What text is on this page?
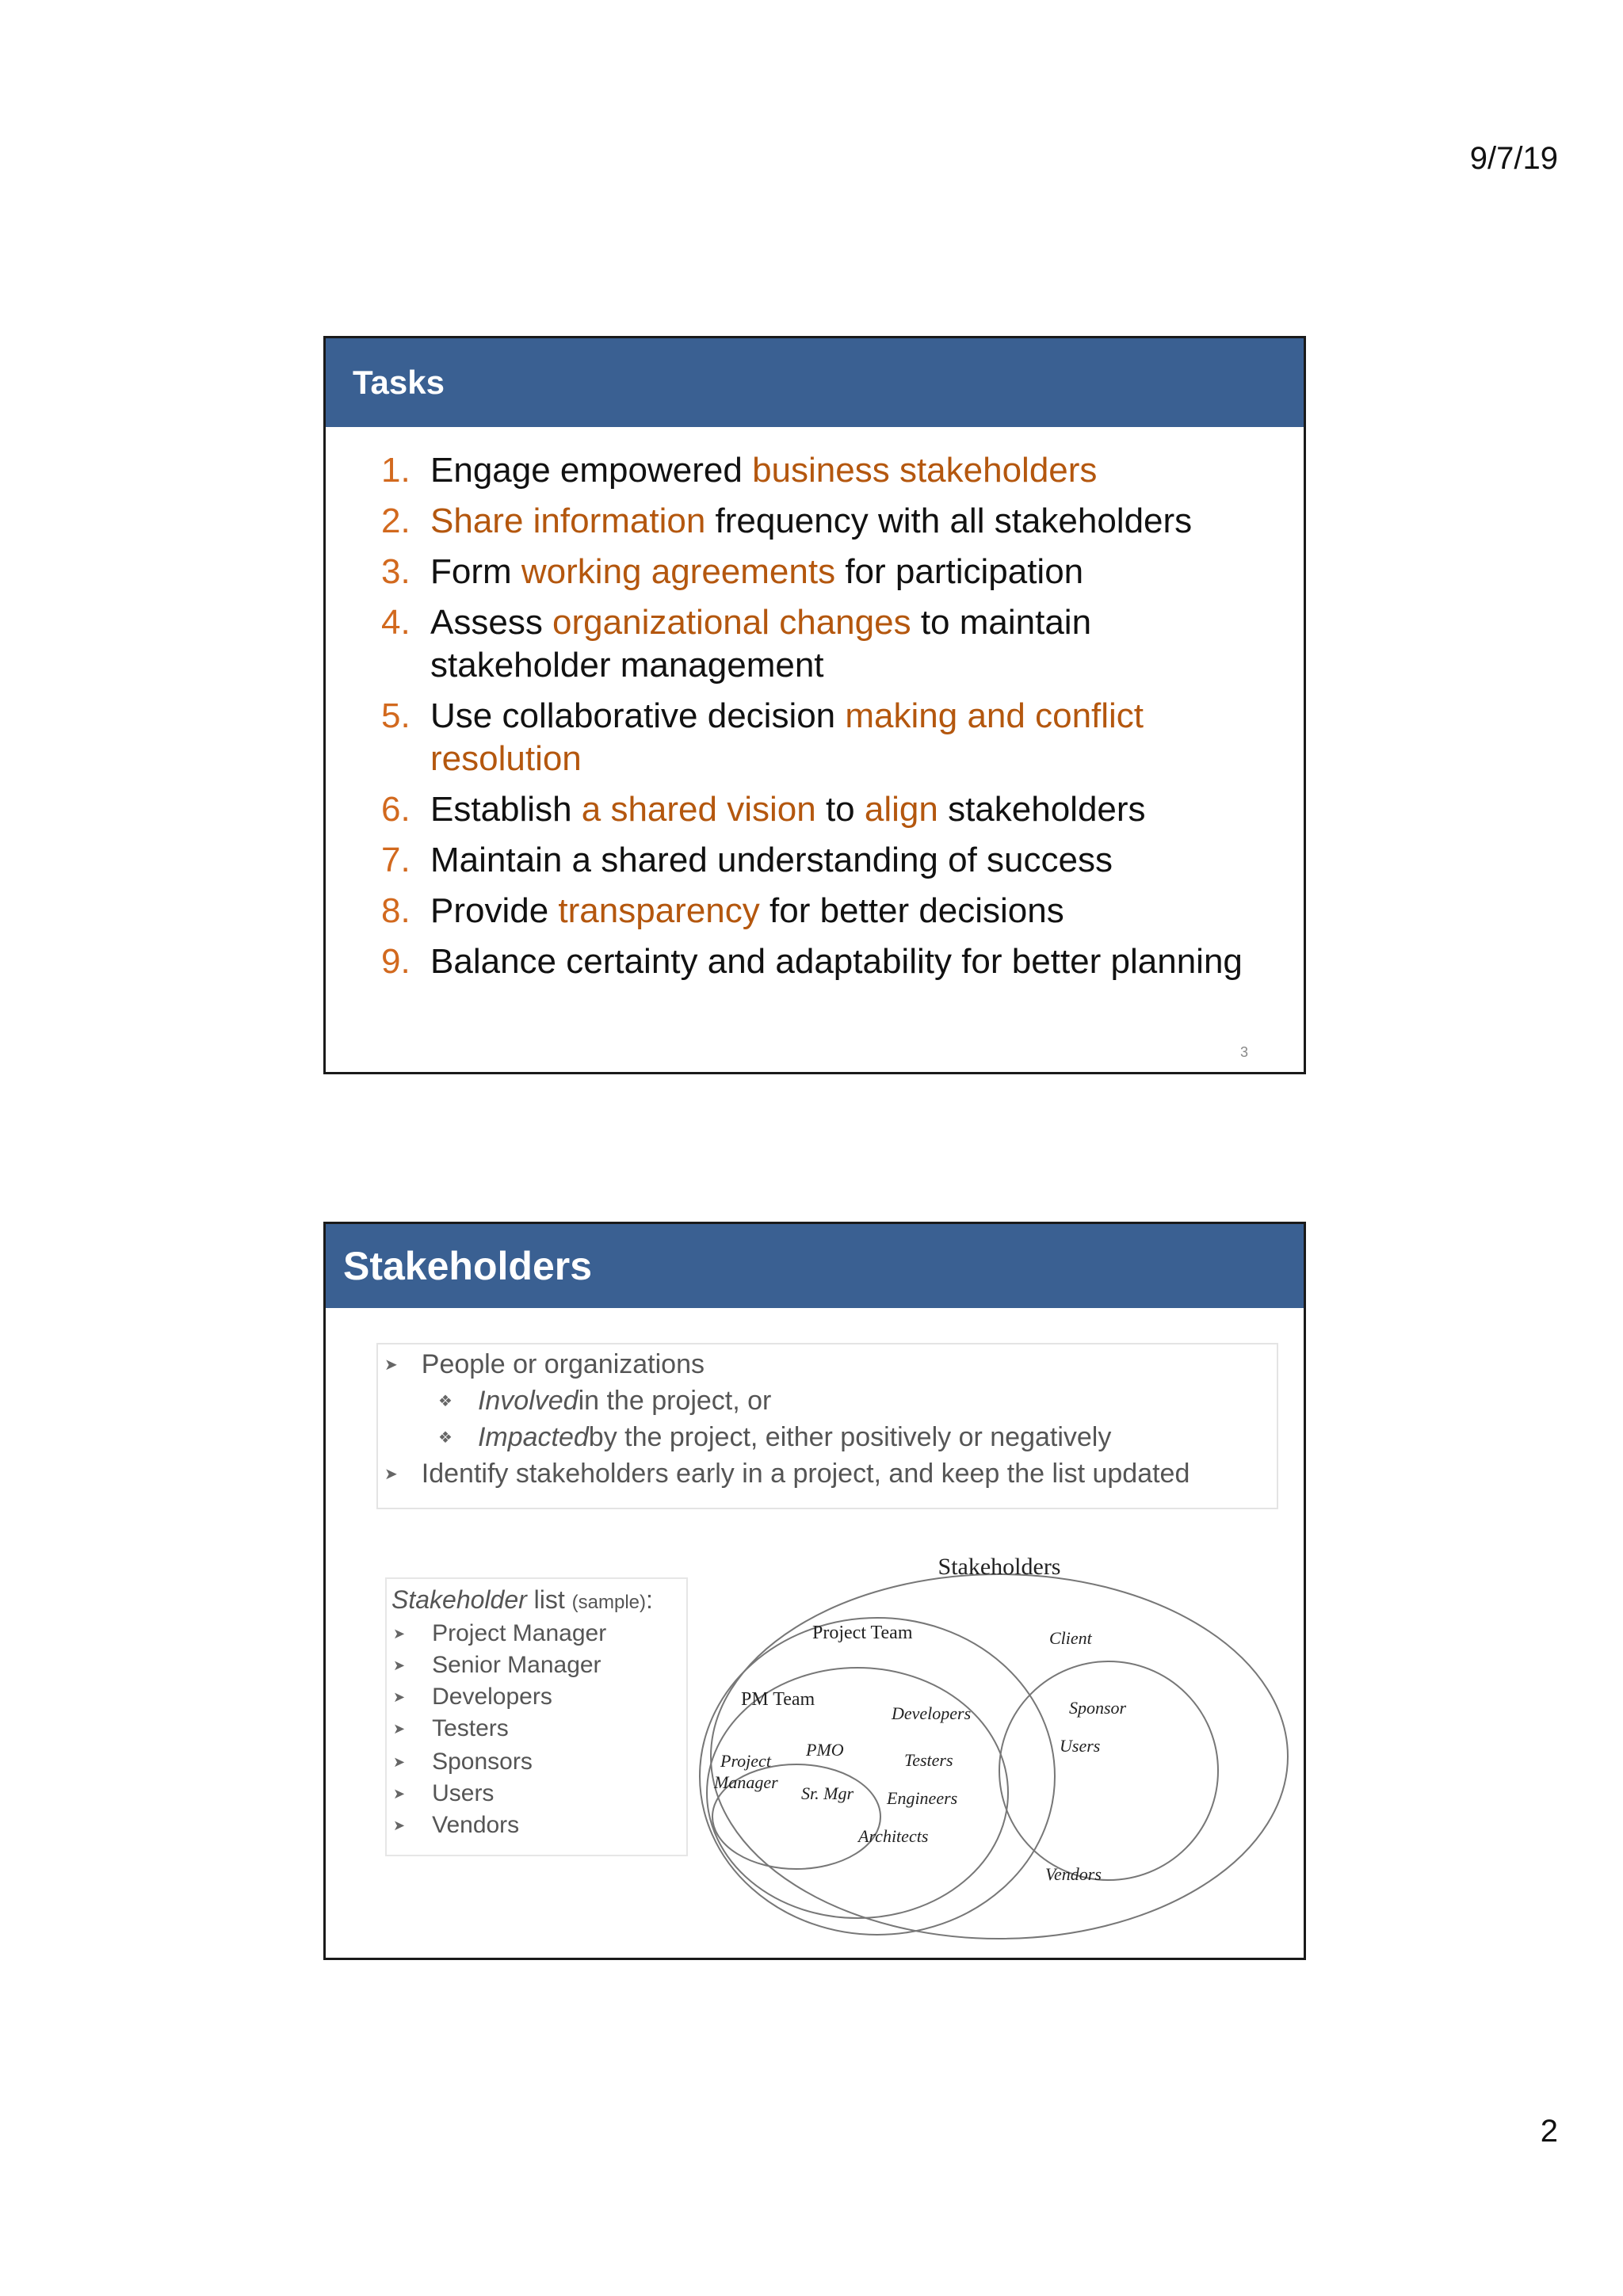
9/7/19
Tasks
1. Engage empowered business stakeholders
2. Share information frequency with all stakeholders
3. Form working agreements for participation
4. Assess organizational changes to maintain stakeholder management
5. Use collaborative decision making and conflict resolution
6. Establish a shared vision to align stakeholders
7. Maintain a shared understanding of success
8. Provide transparency for better decisions
9. Balance certainty and adaptability for better planning
3
Stakeholders
➤ People or organizations
❖ Involved in the project, or
❖ Impacted by the project, either positively or negatively
➤ Identify stakeholders early in a project, and keep the list updated
Stakeholder list (sample):
➤ Project Manager
➤ Senior Manager
➤ Developers
➤ Testers
➤ Sponsors
➤ Users
➤ Vendors
Stakeholders
Project Team	Client
PM Team
Developers	Sponsor
Users
PMO
Testers
Project
Manager
Sr. Mgr Engineers
Architects
Vendors
2
